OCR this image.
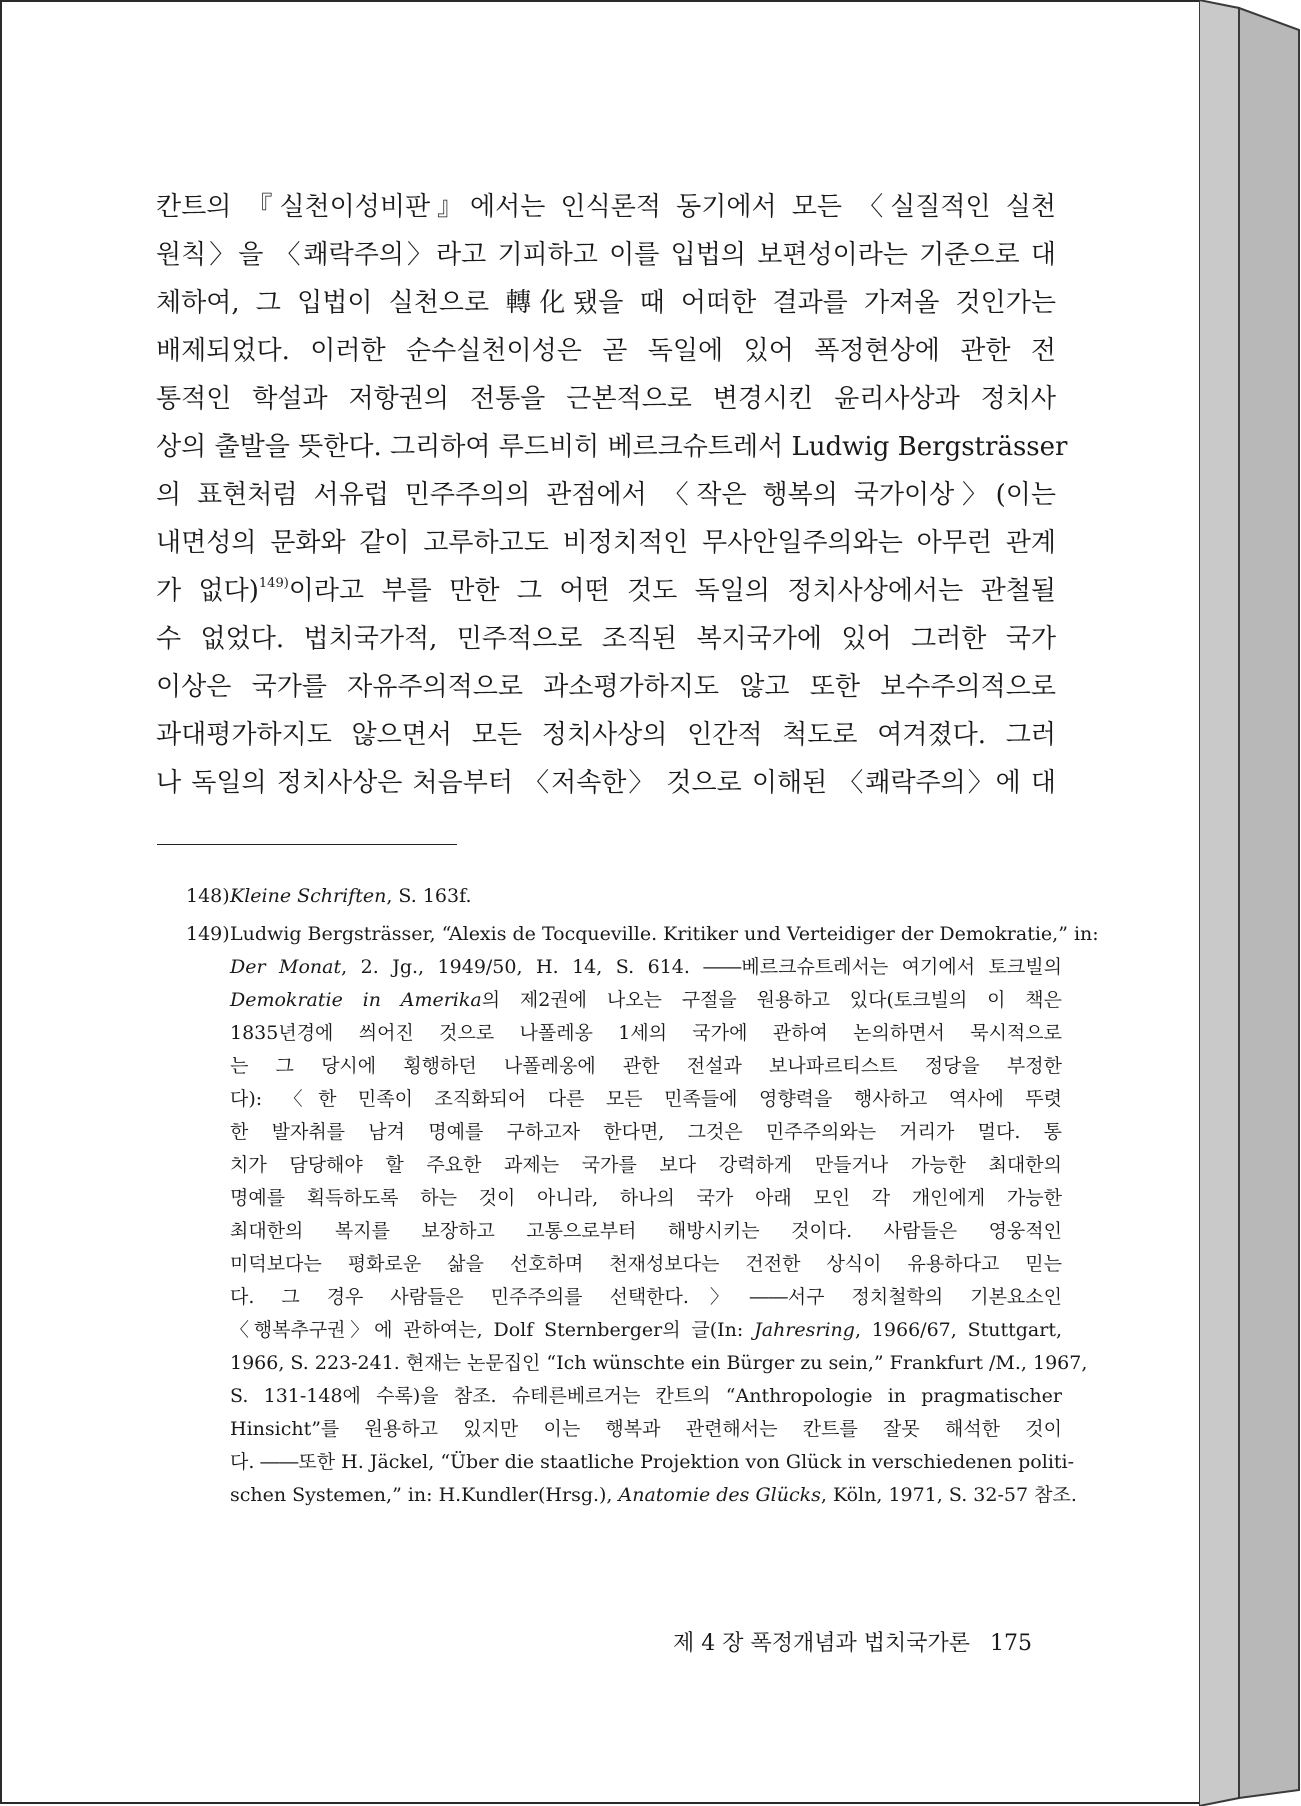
칸트의 『실천이성비판』에서는 인식론적 동기에서 모든 〈실질적인 실천
원칙〉을 〈쾌락주의〉라고 기피하고 이를 입법의 보편성이라는 기준으로 대
체하여, 그 입법이 실천으로 轉化됐을 때 어떠한 결과를 가져올 것인가는
배제되었다. 이러한 순수실천이성은 곧 독일에 있어 폭정현상에 관한 전
통적인 학설과 저항권의 전통을 근본적으로 변경시킨 윤리사상과 정치사
상의 출발을 뜻한다. 그리하여 루드비히 베르크슈트레서 Ludwig Bergsträsser
의 표현처럼 서유럽 민주주의의 관점에서 〈작은 행복의 국가이상〉(이는
내면성의 문화와 같이 고루하고도 비정치적인 무사안일주의와는 아무런 관계
가 없다)$^{149)}$이라고 부를 만한 그 어떤 것도 독일의 정치사상에서는 관철될
수 없었다. 법치국가적, 민주적으로 조직된 복지국가에 있어 그러한 국가
이상은 국가를 자유주의적으로 과소평가하지도 않고 또한 보수주의적으로
과대평가하지도 않으면서 모든 정치사상의 인간적 척도로 여겨졌다. 그러
나 독일의 정치사상은 처음부터 〈저속한〉 것으로 이해된 〈쾌락주의〉에 대
148) Kleine Schriften, S. 163f.
149) Ludwig Bergsträsser, “Alexis de Tocqueville. Kritiker und Verteidiger der Demokratie,” in:
Der Monat, 2. Jg., 1949/50, H. 14, S. 614. ――베르크슈트레서는 여기에서 토크빌의
Demokratie in Amerika의 제2권에 나오는 구절을 원용하고 있다(토크빌의 이 책은
1835년경에 씌어진 것으로 나폴레옹 1세의 국가에 관하여 논의하면서 묵시적으로
는 그 당시에 횡행하던 나폴레옹에 관한 전설과 보나파르티스트 정당을 부정한
다): 〈한 민족이 조직화되어 다른 모든 민족들에 영향력을 행사하고 역사에 뚜렷
한 발자취를 남겨 명예를 구하고자 한다면, 그것은 민주주의와는 거리가 멀다. 통
치가 담당해야 할 주요한 과제는 국가를 보다 강력하게 만들거나 가능한 최대한의
명예를 획득하도록 하는 것이 아니라, 하나의 국가 아래 모인 각 개인에게 가능한
최대한의 복지를 보장하고 고통으로부터 해방시키는 것이다. 사람들은 영웅적인
미덕보다는 평화로운 삶을 선호하며 천재성보다는 건전한 상식이 유용하다고 믿는
다. 그 경우 사람들은 민주주의를 선택한다.〉――서구 정치철학의 기본요소인
〈행복추구권〉에 관하여는, Dolf Sternberger의 글(In: Jahresring, 1966/67, Stuttgart,
1966, S. 223-241. 현재는 논문집인 “Ich wünschte ein Bürger zu sein,” Frankfurt /M., 1967,
S. 131-148에 수록)을 참조. 슈테른베르거는 칸트의 “Anthropologie in pragmatischer
Hinsicht”를 원용하고 있지만 이는 행복과 관련해서는 칸트를 잘못 해석한 것이
다. ――또한 H. Jäckel, “Über die staatliche Projektion von Glück in verschiedenen politi-
schen Systemen,” in: H.Kundler(Hrsg.), Anatomie des Glücks, Köln, 1971, S. 32-57 참조.
제 4 장 폭정개념과 법치국가론 175
